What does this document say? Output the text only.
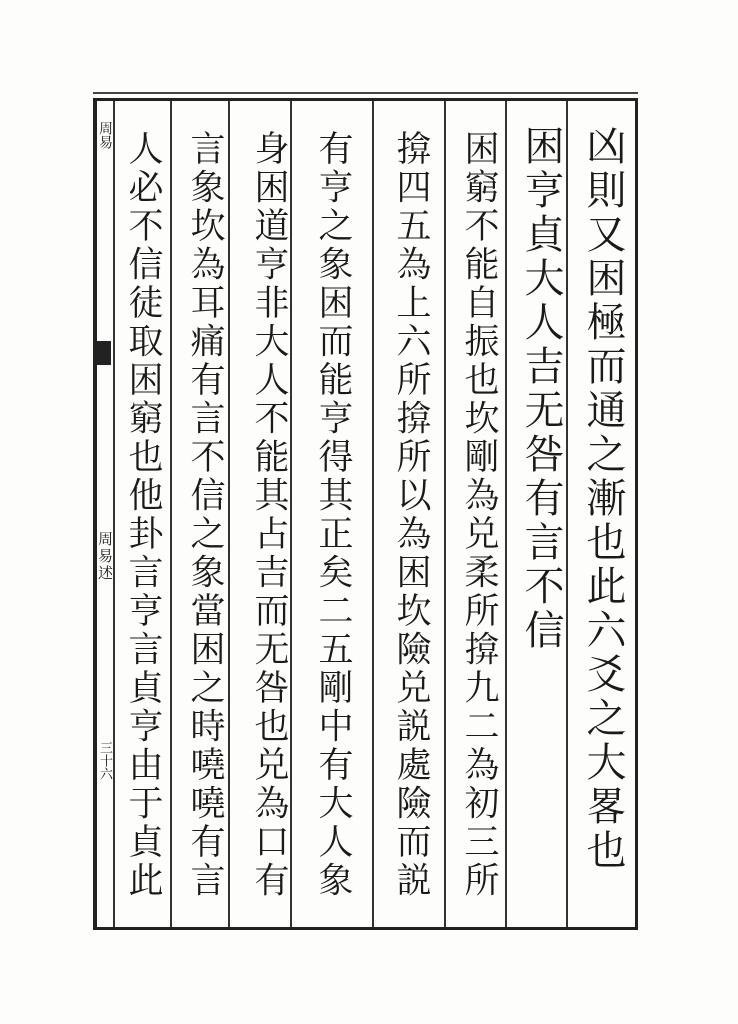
周易
周易述
三十六	凶則又困極而通之漸也此六爻之大畧也
困亨貞大人吉无咎有言不信
困窮不能自振也坎剛為兑柔所揜九二為初三所
揜四五為上六所揜所以為困坎險兑説處險而説
有亨之象困而能亨得其正矣二五剛中有大人象
身困道亨非大人不能其占吉而无咎也兑為口有
言象坎為耳痛有言不信之象當困之時嘵嘵有言
人必不信徒取困窮也他卦言亨言貞亨由于貞此
